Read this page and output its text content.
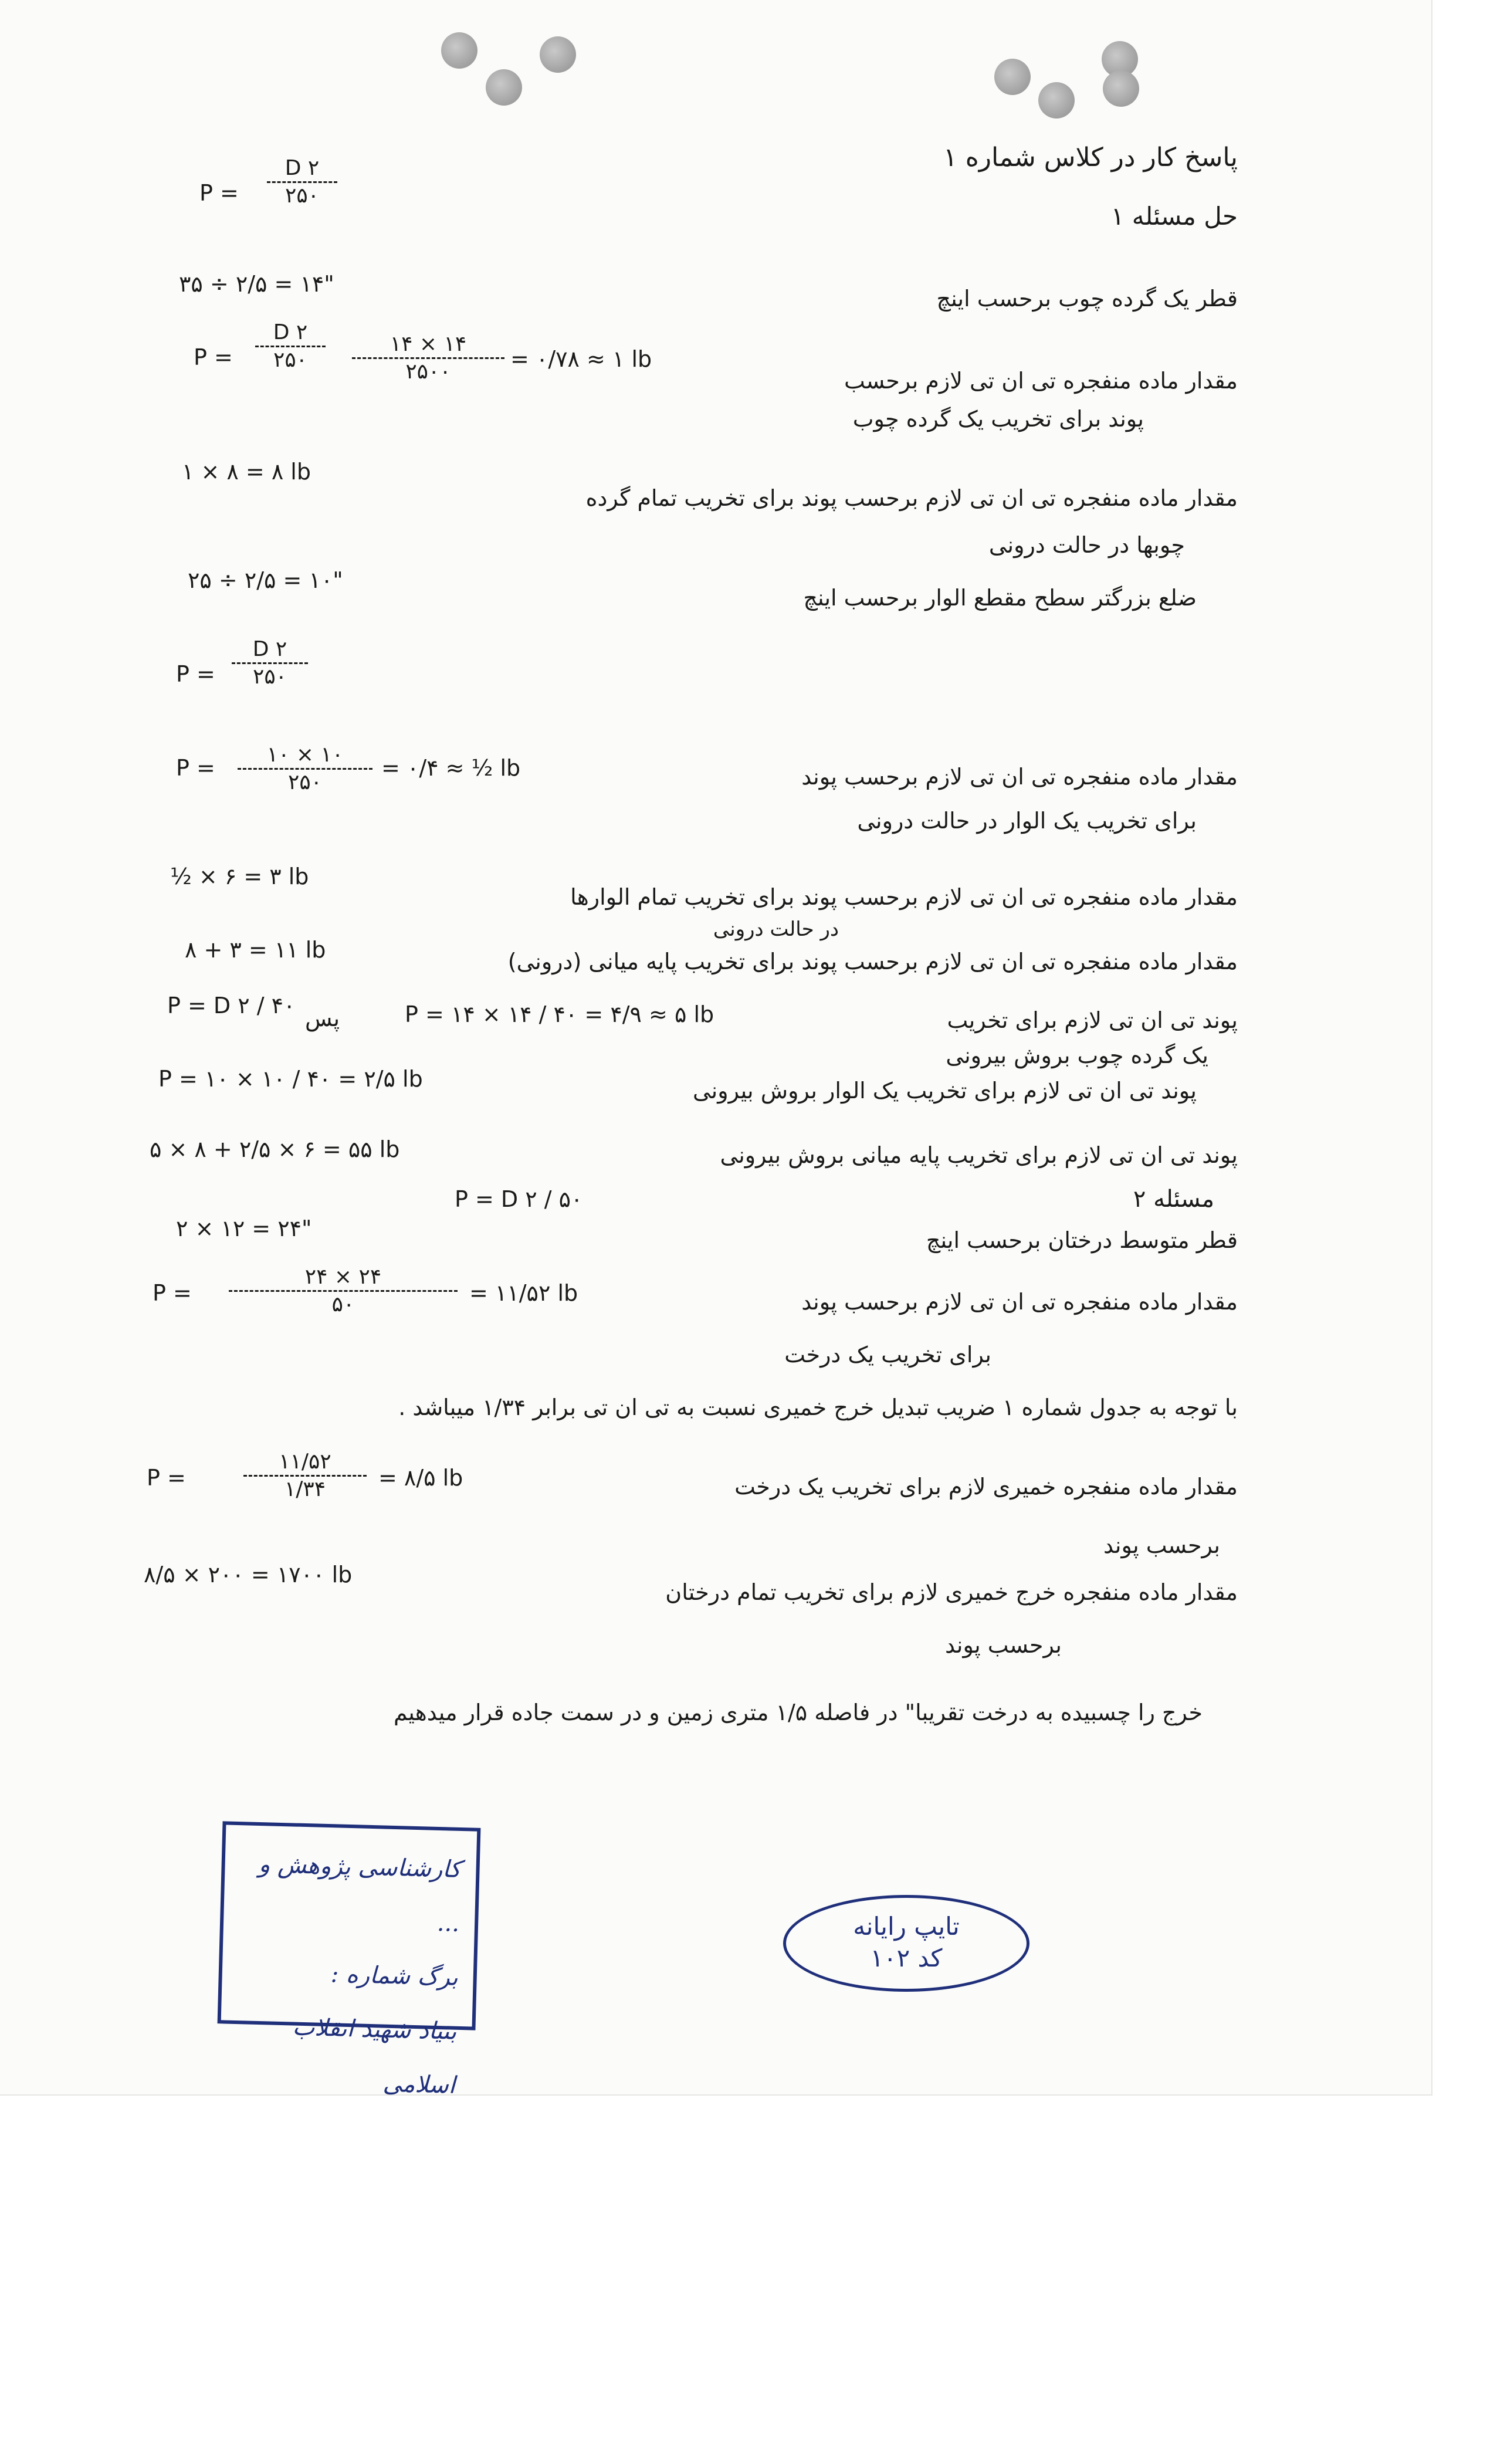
پاسخ کار در کلاس شماره ۱
حل مسئله ۱
P =
D ۲
۲۵۰
۳۵ ÷ ۲/۵ = ۱۴"
قطر یک گرده چوب برحسب اینچ
P =
D ۲
۲۵۰
۱۴ × ۱۴
۲۵۰۰	= ۰/۷۸ ≈ ۱ lb
مقدار ماده منفجره تی ان تی لازم برحسب
پوند برای تخریب یک گرده چوب
مقدار ماده منفجره تی ان تی لازم برحسب پوند برای تخریب تمام گرده
۱ × ۸ = ۸ lb
چوبها در حالت درونی
۲۵ ÷ ۲/۵ = ۱۰"
ضلع بزرگتر سطح مقطع الوار برحسب اینچ
P =
D ۲
۲۵۰
P =
۱۰ × ۱۰
۲۵۰
= ۰/۴ ≈ ½ lb	مقدار ماده منفجره تی ان تی لازم برحسب پوند
برای تخریب یک الوار در حالت درونی
مقدار ماده منفجره تی ان تی لازم برحسب پوند برای تخریب تمام الوارها
½ × ۶ = ۳ lb
در حالت درونی
مقدار ماده منفجره تی ان تی لازم برحسب پوند برای تخریب پایه میانی (درونی)
۸ + ۳ = ۱۱ lb
P = D ۲ / ۴۰ پس	P = ۱۴ × ۱۴ / ۴۰ = ۴/۹ ≈ ۵ lb	پوند تی ان تی لازم برای تخریب
یک گرده چوب بروش بیرونی
P = ۱۰ × ۱۰ / ۴۰ = ۲/۵ lb	پوند تی ان تی لازم برای تخریب یک الوار بروش بیرونی
۵ × ۸ + ۲/۵ × ۶ = ۵۵ lb	پوند تی ان تی لازم برای تخریب پایه میانی بروش بیرونی
مسئله ۲
P = D ۲ / ۵۰
۲ × ۱۲ = ۲۴"	قطر متوسط درختان برحسب اینچ
P =
۲۴ × ۲۴
۵۰	= ۱۱/۵۲ lb	مقدار ماده منفجره تی ان تی لازم برحسب پوند
برای تخریب یک درخت
با توجه به جدول شماره ۱ ضریب تبدیل خرج خمیری نسبت به تی ان تی برابر ۱/۳۴ میباشد .
P =
۱۱/۵۲
۱/۳۴	= ۸/۵ lb	مقدار ماده منفجره خمیری لازم برای تخریب یک درخت
برحسب پوند
۸/۵ × ۲۰۰ = ۱۷۰۰ lb
مقدار ماده منفجره خرج خمیری لازم برای تخریب تمام درختان
برحسب پوند
خرج را چسبیده به درخت تقریبا" در فاصله ۱/۵ متری زمین و در سمت جاده قرار میدهیم
کارشناسی پژوهش و ...
برگ شماره :
بنیاد شهید انقلاب اسلامی
تایپ رایانه
کد ۱۰۲
